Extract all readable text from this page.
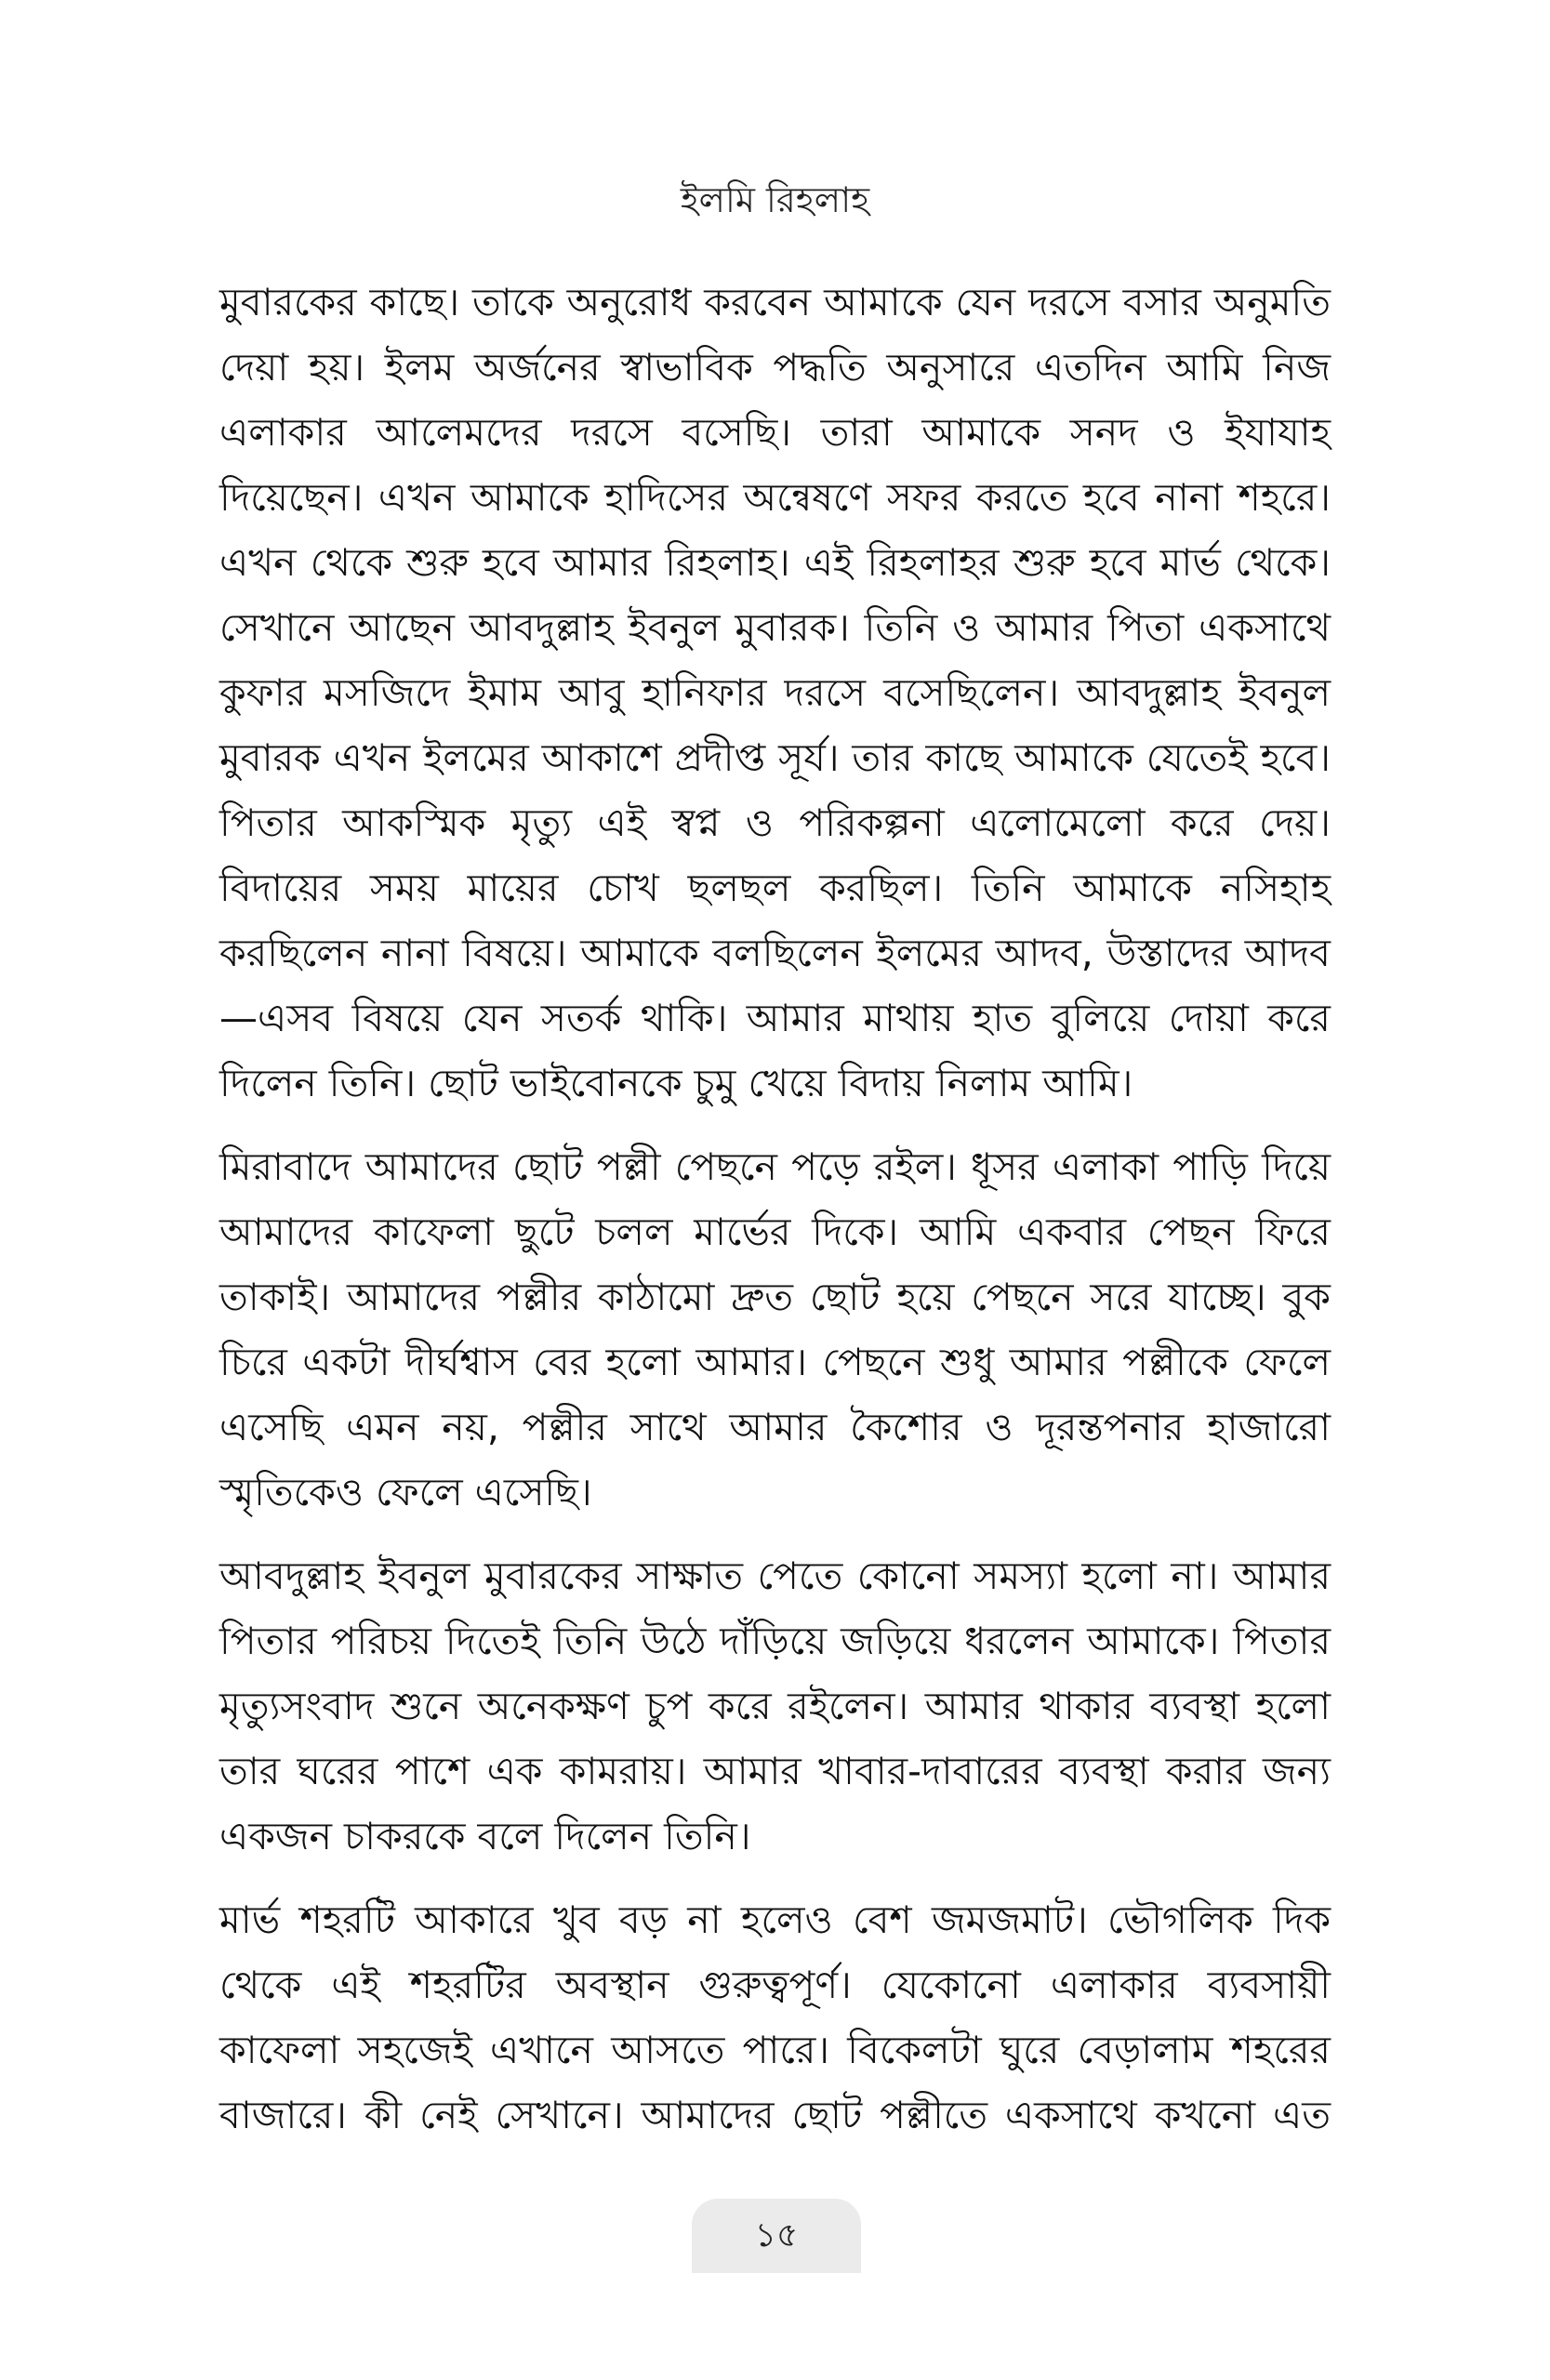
ইলমি রিহলাহ

মুবারকের কাছে। তাকে অনুরোধ করবেন আমাকে যেন দরসে বসার অনুমতি দেয়া হয়। ইলম অর্জনের স্বাভাবিক পদ্ধতি অনুসারে এতদিন আমি নিজ এলাকার আলেমদের দরসে বসেছি। তারা আমাকে সনদ ও ইযাযাহ দিয়েছেন। এখন আমাকে হাদিসের অন্বেষণে সফর করতে হবে নানা শহরে। এখন থেকে শুরু হবে আমার রিহলাহ। এই রিহলাহর শুরু হবে মার্ভ থেকে। সেখানে আছেন আবদুল্লাহ ইবনুল মুবারক। তিনি ও আমার পিতা একসাথে কুফার মসজিদে ইমাম আবু হানিফার দরসে বসেছিলেন। আবদুল্লাহ ইবনুল মুবারক এখন ইলমের আকাশে প্রদীপ্ত সূর্য। তার কাছে আমাকে যেতেই হবে। পিতার আকস্মিক মৃত্যু এই স্বপ্ন ও পরিকল্পনা এলোমেলো করে দেয়। বিদায়ের সময় মায়ের চোখ ছলছল করছিল। তিনি আমাকে নসিহাহ করছিলেন নানা বিষয়ে। আমাকে বলছিলেন ইলমের আদব, উস্তাদের আদব—এসব বিষয়ে যেন সতর্ক থাকি। আমার মাথায় হাত বুলিয়ে দোয়া করে দিলেন তিনি। ছোট ভাইবোনকে চুমু খেয়ে বিদায় নিলাম আমি।

মিরাবাদে আমাদের ছোট পল্লী পেছনে পড়ে রইল। ধূসর এলাকা পাড়ি দিয়ে আমাদের কাফেলা ছুটে চলল মার্ভের দিকে। আমি একবার পেছন ফিরে তাকাই। আমাদের পল্লীর কাঠামো দ্রুত ছোট হয়ে পেছনে সরে যাচ্ছে। বুক চিরে একটা দীর্ঘশ্বাস বের হলো আমার। পেছনে শুধু আমার পল্লীকে ফেলে এসেছি এমন নয়, পল্লীর সাথে আমার কৈশোর ও দূরন্তপনার হাজারো স্মৃতিকেও ফেলে এসেছি।

আবদুল্লাহ ইবনুল মুবারকের সাক্ষাত পেতে কোনো সমস্যা হলো না। আমার পিতার পরিচয় দিতেই তিনি উঠে দাঁড়িয়ে জড়িয়ে ধরলেন আমাকে। পিতার মৃত্যুসংবাদ শুনে অনেকক্ষণ চুপ করে রইলেন। আমার থাকার ব্যবস্থা হলো তার ঘরের পাশে এক কামরায়। আমার খাবার-দাবারের ব্যবস্থা করার জন্য একজন চাকরকে বলে দিলেন তিনি।

মার্ভ শহরটি আকারে খুব বড় না হলেও বেশ জমজমাট। ভৌগলিক দিক থেকে এই শহরটির অবস্থান গুরুত্বপূর্ণ। যেকোনো এলাকার ব্যবসায়ী কাফেলা সহজেই এখানে আসতে পারে। বিকেলটা ঘুরে বেড়ালাম শহরের বাজারে। কী নেই সেখানে। আমাদের ছোট পল্লীতে একসাথে কখনো এত

১৫
